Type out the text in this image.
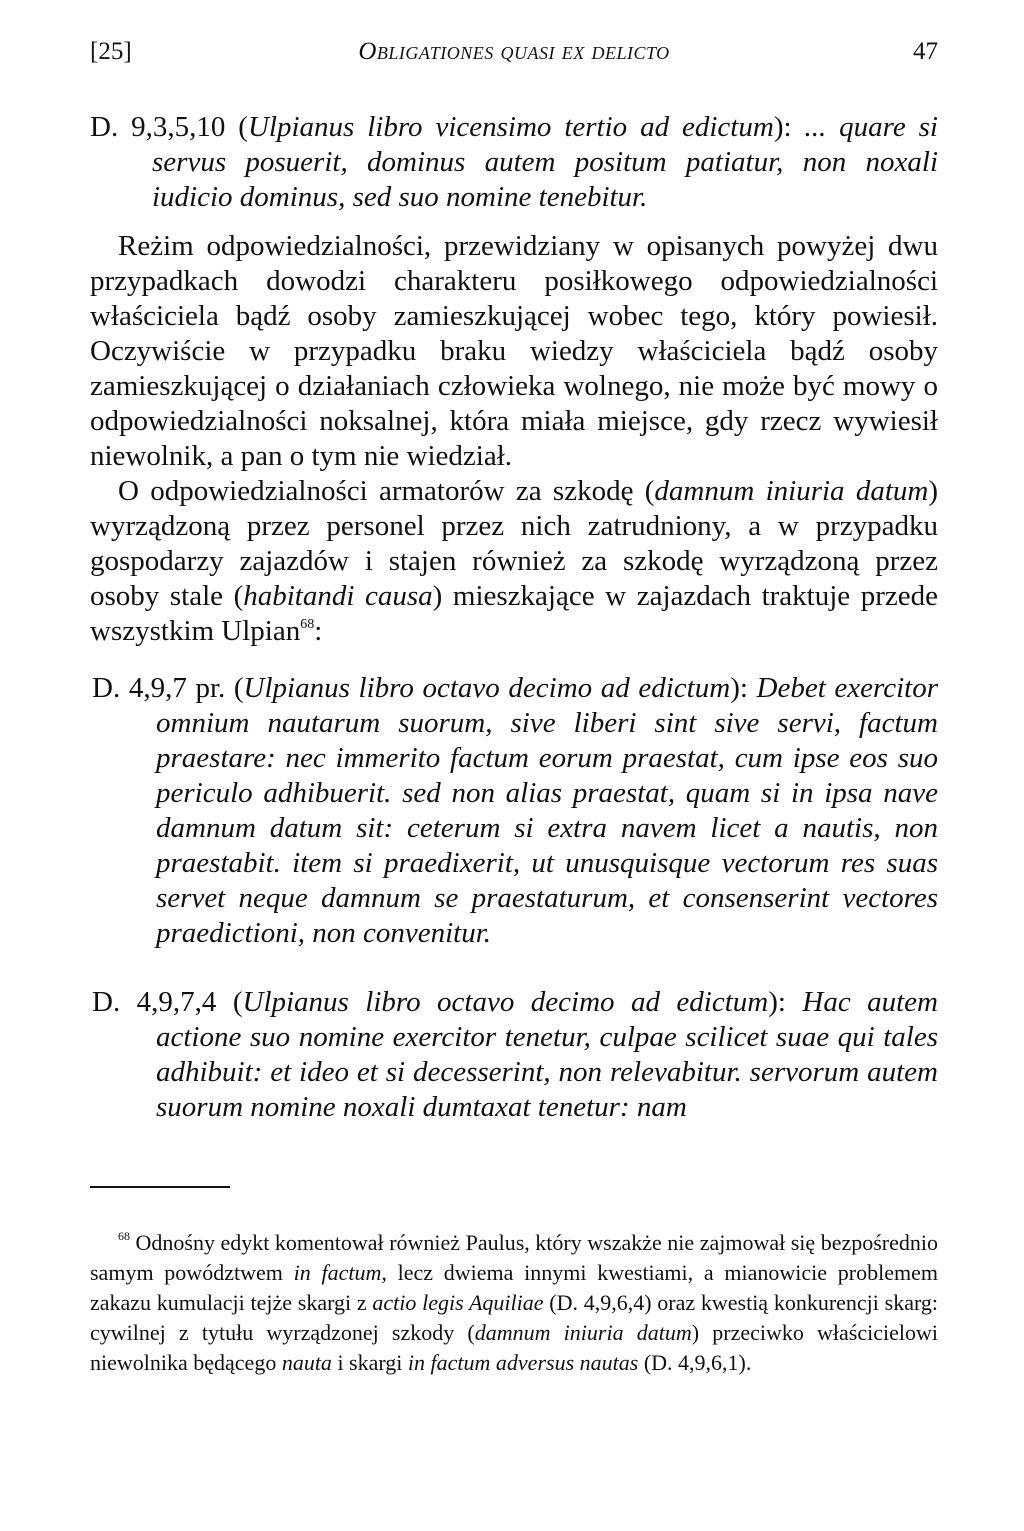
[25]	Obligationes quasi ex delicto	47

D. 9,3,5,10 (Ulpianus libro vicensimo tertio ad edictum): ... quare si servus posuerit, dominus autem positum patiatur, non noxali iudicio dominus, sed suo nomine tenebitur.

Reżim odpowiedzialności, przewidziany w opisanych powyżej dwu przypadkach dowodzi charakteru posiłkowego odpowiedzialności właściciela bądź osoby zamieszkującej wobec tego, który powiesił. Oczywiście w przypadku braku wiedzy właściciela bądź osoby zamieszkującej o działaniach człowieka wolnego, nie może być mowy o odpowiedzialności noksalnej, która miała miejsce, gdy rzecz wywiesił niewolnik, a pan o tym nie wiedział.

O odpowiedzialności armatorów za szkodę (damnum iniuria datum) wyrządzoną przez personel przez nich zatrudniony, a w przypadku gospodarzy zajazdów i stajen również za szkodę wyrządzoną przez osoby stale (habitandi causa) mieszkające w zajazdach traktuje przede wszystkim Ulpian$^{68}$:

D. 4,9,7 pr. (Ulpianus libro octavo decimo ad edictum): Debet exercitor omnium nautarum suorum, sive liberi sint sive servi, factum praestare: nec immerito factum eorum praestat, cum ipse eos suo periculo adhibuerit. sed non alias praestat, quam si in ipsa nave damnum datum sit: ceterum si extra navem licet a nautis, non praestabit. item si praedixerit, ut unusquisque vectorum res suas servet neque damnum se praestaturum, et consenserint vectores praedictioni, non convenitur.

D. 4,9,7,4 (Ulpianus libro octavo decimo ad edictum): Hac autem actione suo nomine exercitor tenetur, culpae scilicet suae qui tales adhibuit: et ideo et si decesserint, non relevabitur. servorum autem suorum nomine noxali dumtaxat tenetur: nam

$^{68}$ Odnośny edykt komentował również Paulus, który wszakże nie zajmował się bezpośrednio samym powództwem in factum, lecz dwiema innymi kwestiami, a mianowicie problemem zakazu kumulacji tejże skargi z actio legis Aquiliae (D. 4,9,6,4) oraz kwestią konkurencji skarg: cywilnej z tytułu wyrządzonej szkody (damnum iniuria datum) przeciwko właścicielowi niewolnika będącego nauta i skargi in factum adversus nautas (D. 4,9,6,1).
